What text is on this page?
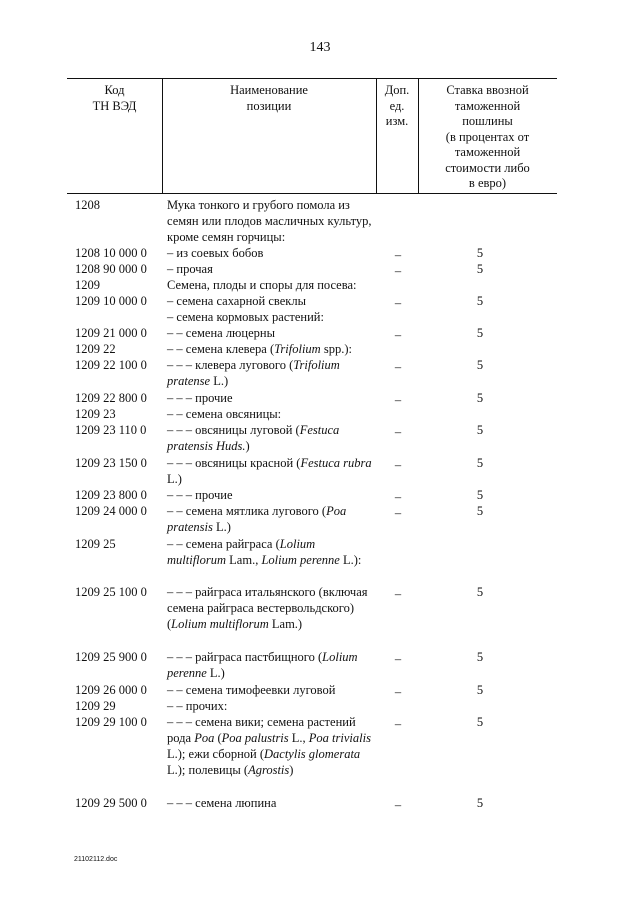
143
Код
ТН ВЭД
Наименование
позиции
Доп.
ед.
изм.
Ставка ввозной
таможенной
пошлины
(в процентах от
таможенной
стоимости либо
в евро)
1208	Мука тонкого и грубого помола из семян или плодов масличных культур, кроме семян горчицы:
1208 10 000 0 – из соевых бобов	–	5
1208 90 000 0 – прочая	–	5
1209	Семена, плоды и споры для посева:
1209 10 000 0 – семена сахарной свеклы	–	5
– семена кормовых растений:
1209 21 000 0 – – семена люцерны	–	5
1209 22	– – семена клевера (Trifolium spp.):
1209 22 100 0 – – – клевера лугового (Trifolium pratense L.)
–	5
1209 22 800 0 – – – прочие	–	5
1209 23	– – семена овсяницы:
1209 23 110 0 – – – овсяницы луговой (Festuca pratensis Huds.)
–	5
1209 23 150 0 – – – овсяницы красной (Festuca rubra L.)
–	5
1209 23 800 0 – – – прочие	–	5
1209 24 000 0 – – семена мятлика лугового (Poa pratensis L.)
–	5
1209 25	– – семена райграса (Lolium multiflorum Lam., Lolium perenne L.):
1209 25 100 0 – – – райграса итальянского (включая семена райграса вестервольдского) (Lolium multiflorum Lam.)
–	5
1209 25 900 0 – – – райграса пастбищного (Lolium perenne L.)
–	5
1209 26 000 0 – – семена тимофеевки луговой	–	5
1209 29	– – прочих:
1209 29 100 0 – – – семена вики; семена растений рода Poa (Poa palustris L., Poa trivialis L.); ежи сборной (Dactylis glomerata L.); полевицы (Agrostis)
–	5
1209 29 500 0 – – – семена люпина	–	5
21102112.doc
